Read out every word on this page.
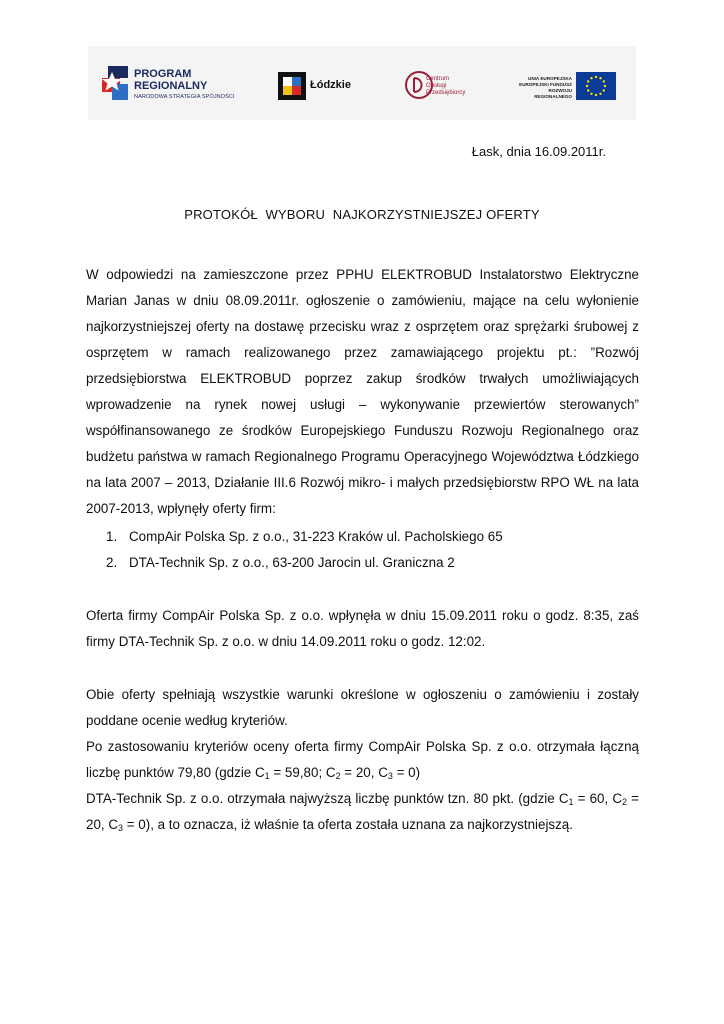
PROGRAM
REGIONALNY
NARODOWA STRATEGIA SPÓJNOŚCI
Łódzkie	Centrum
Obsługi
Przedsiębiorcy
UNIA EUROPEJSKA
EUROPEJSKI FUNDUSZ
ROZWOJU REGIONALNEGO
Łask, dnia 16.09.2011r.
PROTOKÓŁ  WYBORU  NAJKORZYSTNIEJSZEJ OFERTY
W odpowiedzi na zamieszczone przez PPHU ELEKTROBUD Instalatorstwo Elektryczne Marian Janas w dniu 08.09.2011r. ogłoszenie o zamówieniu, mające na celu wyłonienie najkorzystniejszej oferty na dostawę przecisku wraz z osprzętem oraz sprężarki śrubowej z osprzętem w ramach realizowanego przez zamawiającego projektu pt.: ”Rozwój przedsiębiorstwa ELEKTROBUD poprzez zakup środków trwałych umożliwiających wprowadzenie na rynek nowej usługi – wykonywanie przewiertów sterowanych” współfinansowanego ze środków Europejskiego Funduszu Rozwoju Regionalnego oraz budżetu państwa w ramach Regionalnego Programu Operacyjnego Województwa Łódzkiego na lata 2007 – 2013, Działanie III.6 Rozwój mikro- i małych przedsiębiorstw RPO WŁ na lata 2007-2013, wpłynęły oferty firm:
1. CompAir Polska Sp. z o.o., 31-223 Kraków ul. Pacholskiego 65
2. DTA-Technik Sp. z o.o., 63-200 Jarocin ul. Graniczna 2
Oferta firmy CompAir Polska Sp. z o.o. wpłynęła w dniu 15.09.2011 roku o godz. 8:35, zaś firmy DTA-Technik Sp. z o.o. w dniu 14.09.2011 roku o godz. 12:02.
Obie oferty spełniają wszystkie warunki określone w ogłoszeniu o zamówieniu i zostały poddane ocenie według kryteriów.
Po zastosowaniu kryteriów oceny oferta firmy CompAir Polska Sp. z o.o. otrzymała łączną liczbę punktów 79,80 (gdzie $C_1 = 59,80$; $C_2 = 20$, $C_3 = 0$)
DTA-Technik Sp. z o.o. otrzymała najwyższą liczbę punktów tzn. 80 pkt. (gdzie $C_1 = 60$, $C_2 = 20$, $C_3 = 0$), a to oznacza, iż właśnie ta oferta została uznana za najkorzystniejszą.
